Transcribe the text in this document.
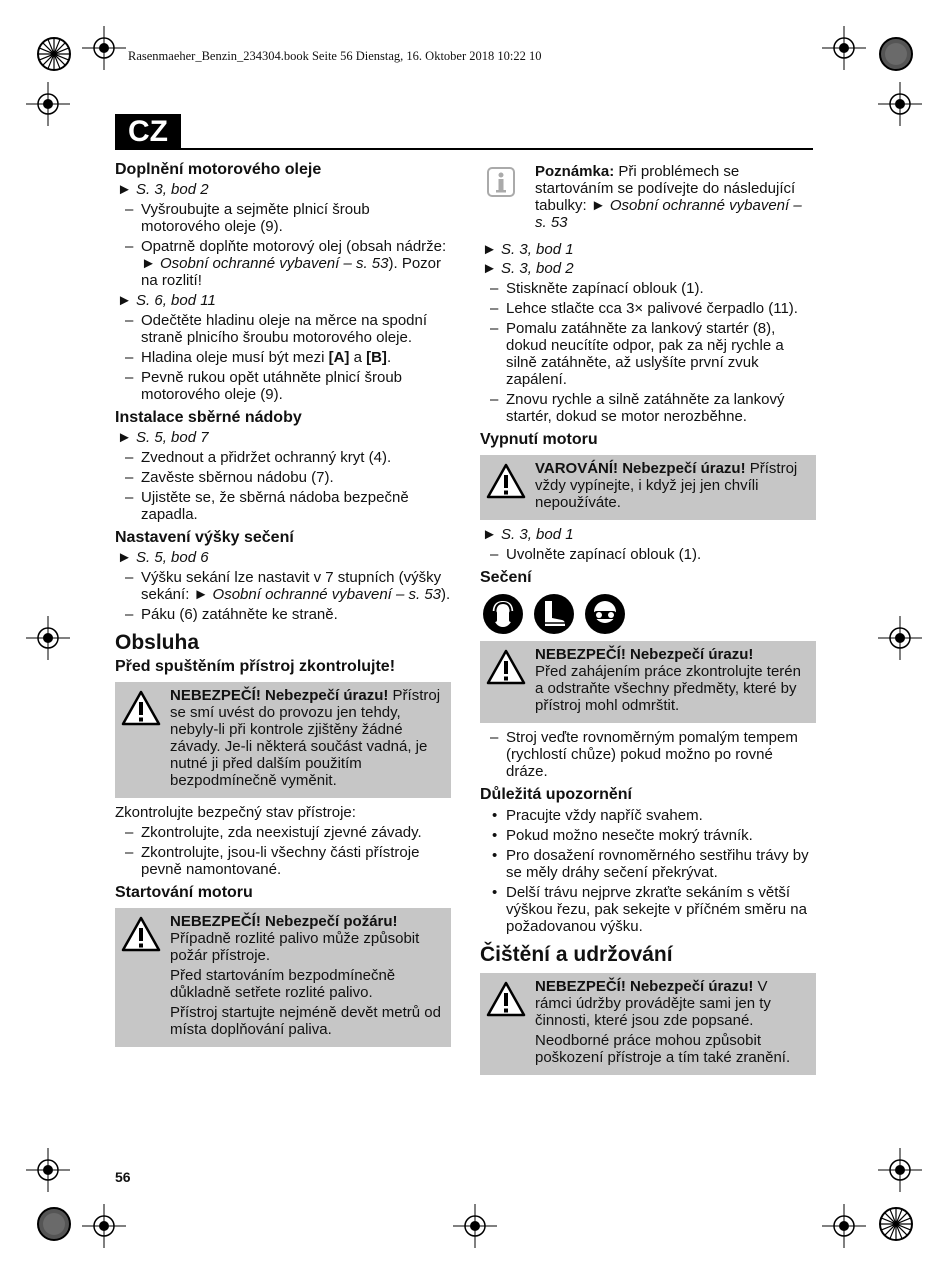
Rasenmaeher_Benzin_234304.book Seite 56 Dienstag, 16. Oktober 2018 10:22 10
CZ
Doplnění motorového oleje
► S. 3, bod 2
– Vyšroubujte a sejměte plnicí šroub motorového oleje (9).
– Opatrně doplňte motorový olej (obsah nádrže: ► Osobní ochranné vybavení – s. 53). Pozor na rozlití!
► S. 6, bod 11
– Odečtěte hladinu oleje na měrce na spodní straně plnicího šroubu motorového oleje.
– Hladina oleje musí být mezi [A] a [B].
– Pevně rukou opět utáhněte plnicí šroub motorového oleje (9).
Instalace sběrné nádoby
► S. 5, bod 7
– Zvednout a přidržet ochranný kryt (4).
– Zavěste sběrnou nádobu (7).
– Ujistěte se, že sběrná nádoba bezpečně zapadla.
Nastavení výšky sečení
► S. 5, bod 6
– Výšku sekání lze nastavit v 7 stupních (výšky sekání: ► Osobní ochranné vybavení – s. 53).
– Páku (6) zatáhněte ke straně.
Obsluha
Před spuštěním přístroj zkontrolujte!

NEBEZPEČÍ! Nebezpečí úrazu! Přístroj se smí uvést do provozu jen tehdy, nebyly-li při kontrole zjištěny žádné závady. Je-li některá součást vadná, je nutné ji před dalším použitím bezpodmínečně vyměnit.

Zkontrolujte bezpečný stav přístroje:
– Zkontrolujte, zda neexistují zjevné závady.
– Zkontrolujte, jsou-li všechny části přístroje pevně namontované.
Startování motoru

NEBEZPEČÍ! Nebezpečí požáru! Případně rozlité palivo může způsobit požár přístroje.

Před startováním bezpodmínečně důkladně setřete rozlité palivo.

Přístroj startujte nejméně devět metrů od místa doplňování paliva.

Poznámka: Při problémech se startováním se podívejte do následující tabulky: ► Osobní ochranné vybavení – s. 53

► S. 3, bod 1
► S. 3, bod 2
– Stiskněte zapínací oblouk (1).
– Lehce stlačte cca 3× palivové čerpadlo (11).
– Pomalu zatáhněte za lankový startér (8), dokud neucítíte odpor, pak za něj rychle a silně zatáhněte, až uslyšíte první zvuk zapálení.
– Znovu rychle a silně zatáhněte za lankový startér, dokud se motor nerozběhne.
Vypnutí motoru

VAROVÁNÍ! Nebezpečí úrazu! Přístroj vždy vypínejte, i když jej jen chvíli nepoužíváte.

► S. 3, bod 1
– Uvolněte zapínací oblouk (1).
Sečení

NEBEZPEČÍ! Nebezpečí úrazu!
Před zahájením práce zkontrolujte terén a odstraňte všechny předměty, které by přístroj mohl odmrštit.

– Stroj veďte rovnoměrným pomalým tempem (rychlostí chůze) pokud možno po rovné dráze.
Důležitá upozornění
• Pracujte vždy napříč svahem.
• Pokud možno nesečte mokrý trávník.
• Pro dosažení rovnoměrného sestřihu trávy by se měly dráhy sečení překrývat.
• Delší trávu nejprve zkraťte sekáním s větší výškou řezu, pak sekejte v příčném směru na požadovanou výšku.
Čištění a udržování

NEBEZPEČÍ! Nebezpečí úrazu! V rámci údržby provádějte sami jen ty činnosti, které jsou zde popsané.

Neodborné práce mohou způsobit poškození přístroje a tím také zranění.

56
